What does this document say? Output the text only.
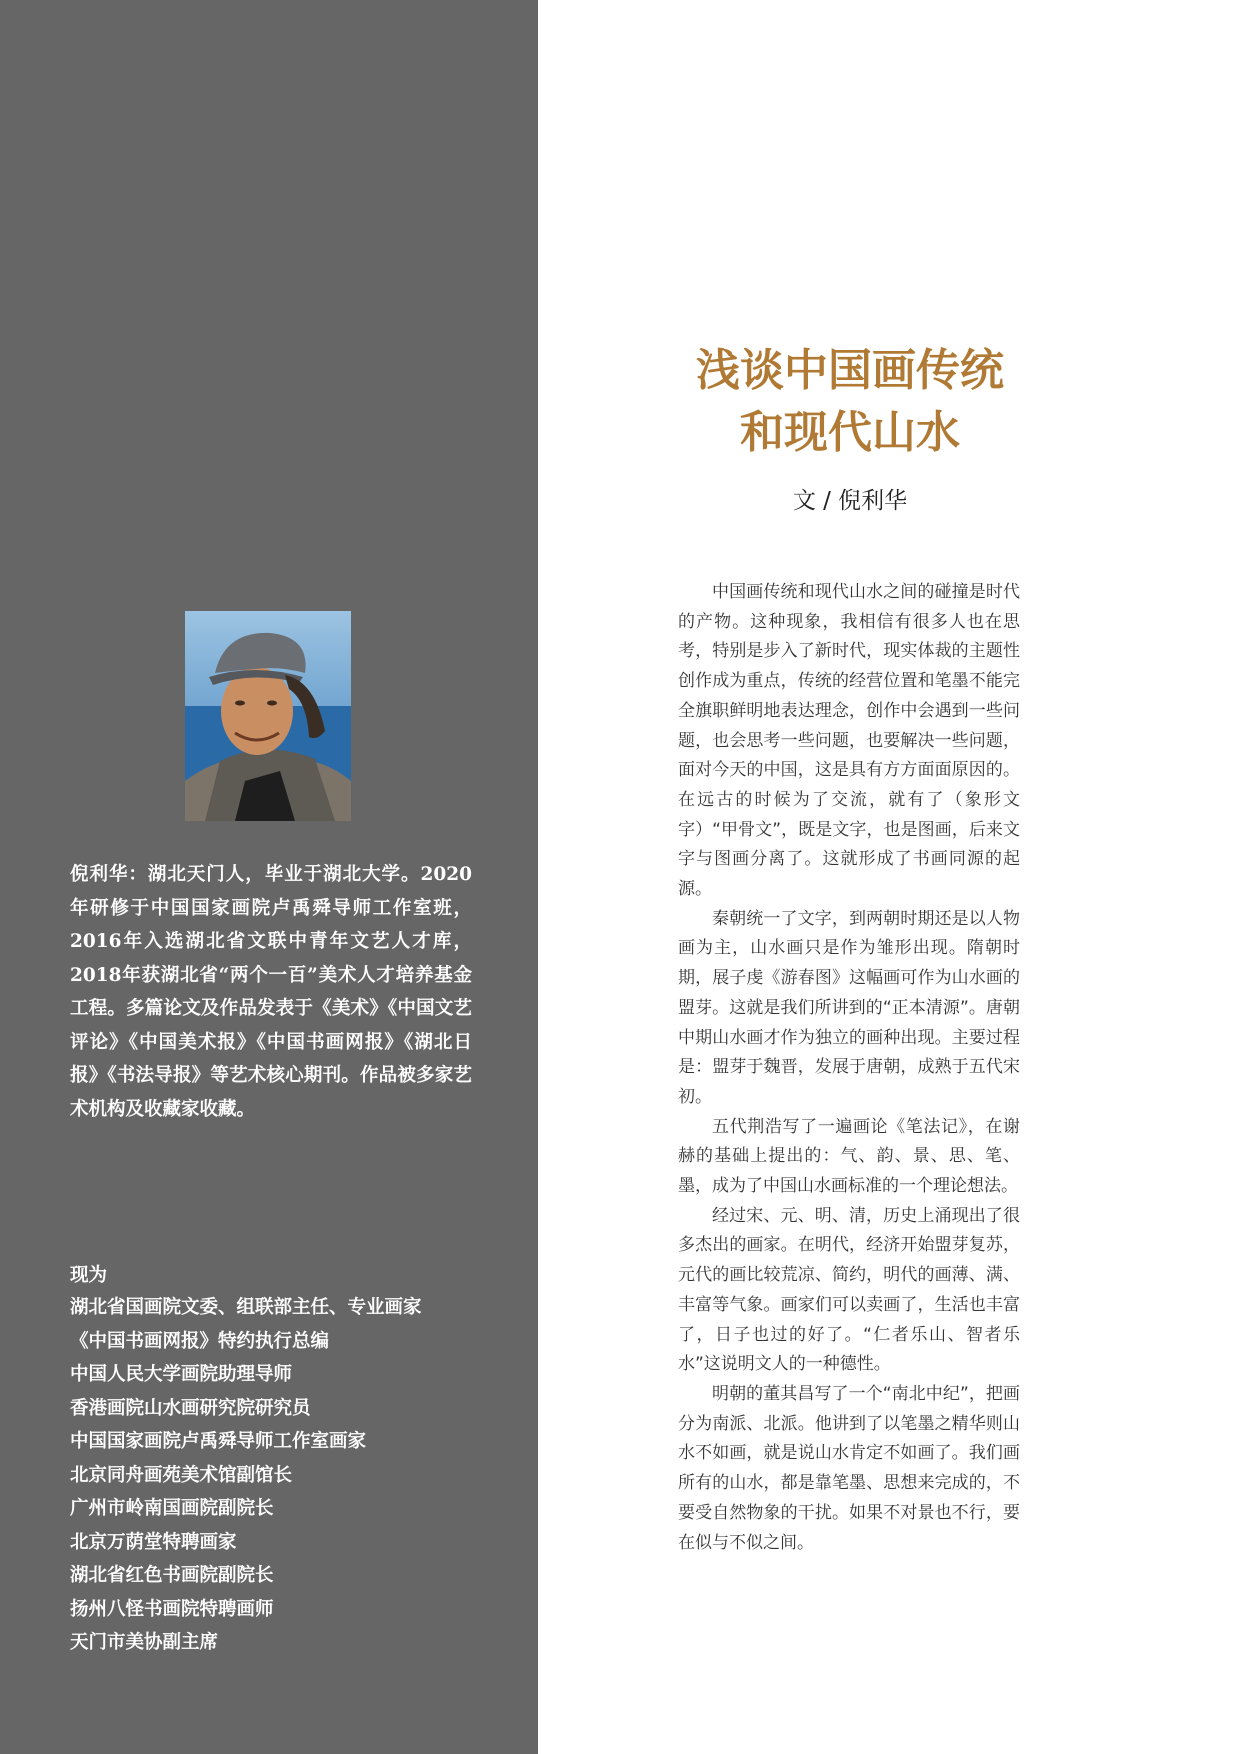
倪利华：湖北天门人，毕业于湖北大学。2020年研修于中国国家画院卢禹舜导师工作室班，2016年入选湖北省文联中青年文艺人才库，2018年获湖北省“两个一百”美术人才培养基金工程。多篇论文及作品发表于《美术》《中国文艺评论》《中国美术报》《中国书画网报》《湖北日报》《书法导报》等艺术核心期刊。作品被多家艺术机构及收藏家收藏。

现为

湖北省国画院文委、组联部主任、专业画家
《中国书画网报》特约执行总编
中国人民大学画院助理导师
香港画院山水画研究院研究员
中国国家画院卢禹舜导师工作室画家
北京同舟画苑美术馆副馆长
广州市岭南国画院副院长
北京万荫堂特聘画家
湖北省红色书画院副院长
扬州八怪书画院特聘画师
天门市美协副主席
浅谈中国画传统
和现代山水

文 / 倪利华

中国画传统和现代山水之间的碰撞是时代的产物。这种现象，我相信有很多人也在思考，特别是步入了新时代，现实体裁的主题性创作成为重点，传统的经营位置和笔墨不能完全旗职鲜明地表达理念，创作中会遇到一些问题，也会思考一些问题，也要解决一些问题，面对今天的中国，这是具有方方面面原因的。在远古的时候为了交流，就有了（象形文字）“甲骨文”，既是文字，也是图画，后来文字与图画分离了。这就形成了书画同源的起源。

秦朝统一了文字，到两朝时期还是以人物画为主，山水画只是作为雏形出现。隋朝时期，展子虔《游春图》这幅画可作为山水画的盟芽。这就是我们所讲到的“正本清源”。唐朝中期山水画才作为独立的画种出现。主要过程是：盟芽于魏晋，发展于唐朝，成熟于五代宋初。

五代荆浩写了一遍画论《笔法记》，在谢赫的基础上提出的：气、韵、景、思、笔、墨，成为了中国山水画标准的一个理论想法。

经过宋、元、明、清，历史上涌现出了很多杰出的画家。在明代，经济开始盟芽复苏，元代的画比较荒凉、简约，明代的画薄、满、丰富等气象。画家们可以卖画了，生活也丰富了，日子也过的好了。“仁者乐山、智者乐水”这说明文人的一种德性。

明朝的董其昌写了一个“南北中纪”，把画分为南派、北派。他讲到了以笔墨之精华则山水不如画，就是说山水肯定不如画了。我们画所有的山水，都是靠笔墨、思想来完成的，不要受自然物象的干扰。如果不对景也不行，要在似与不似之间。
